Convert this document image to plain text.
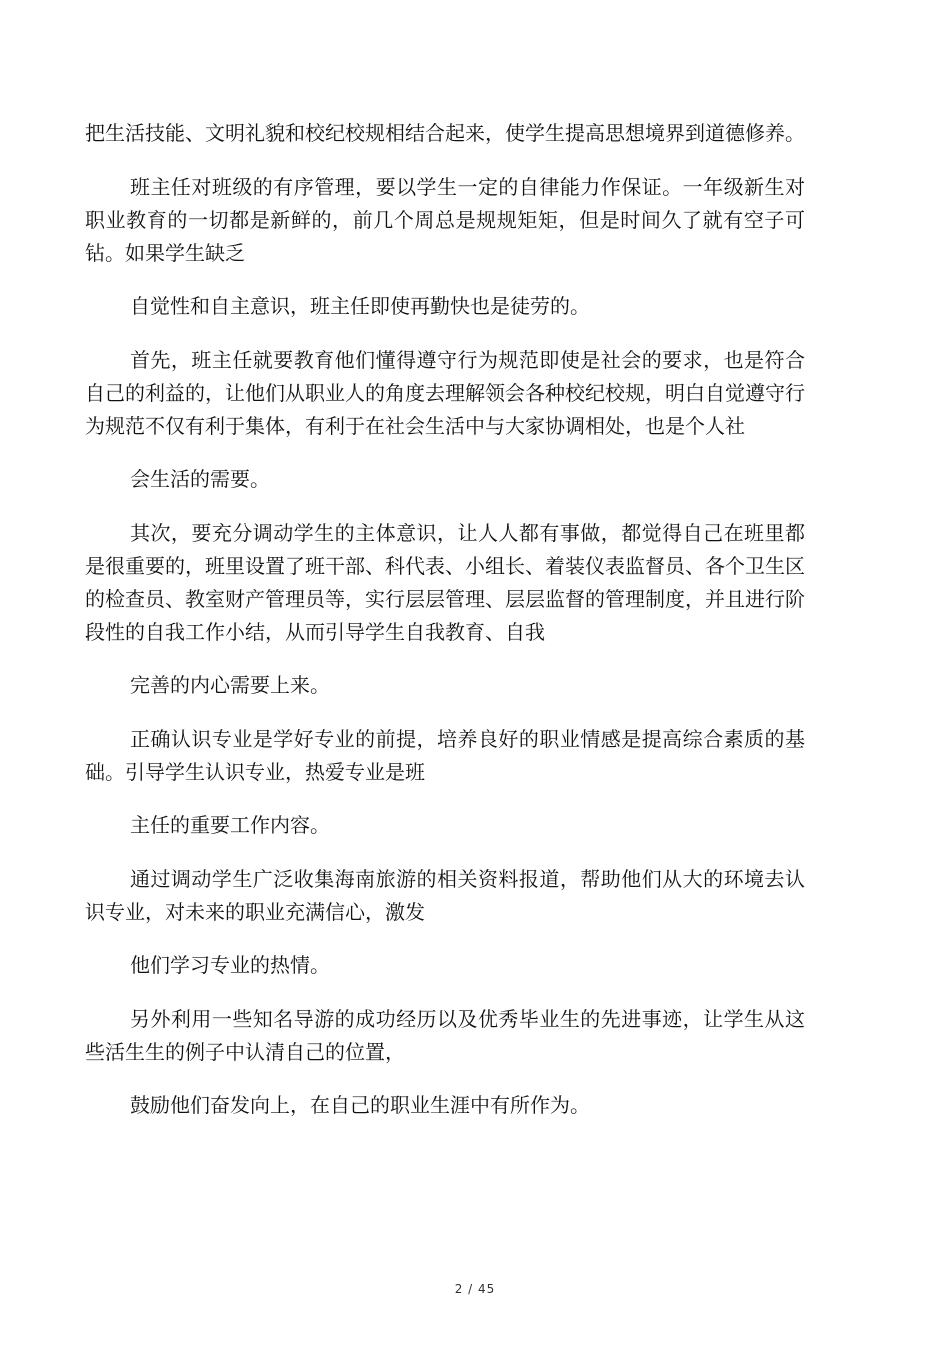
把生活技能、文明礼貌和校纪校规相结合起来，使学生提高思想境界到道德修养。

班主任对班级的有序管理，要以学生一定的自律能力作保证。一年级新生对职业教育的一切都是新鲜的，前几个周总是规规矩矩，但是时间久了就有空子可钻。如果学生缺乏

自觉性和自主意识，班主任即使再勤快也是徒劳的。

首先，班主任就要教育他们懂得遵守行为规范即使是社会的要求，也是符合自己的利益的，让他们从职业人的角度去理解领会各种校纪校规，明白自觉遵守行为规范不仅有利于集体，有利于在社会生活中与大家协调相处，也是个人社

会生活的需要。

其次，要充分调动学生的主体意识，让人人都有事做，都觉得自己在班里都是很重要的，班里设置了班干部、科代表、小组长、着装仪表监督员、各个卫生区的检查员、教室财产管理员等，实行层层管理、层层监督的管理制度，并且进行阶段性的自我工作小结，从而引导学生自我教育、自我

完善的内心需要上来。

正确认识专业是学好专业的前提，培养良好的职业情感是提高综合素质的基础。引导学生认识专业，热爱专业是班

主任的重要工作内容。

通过调动学生广泛收集海南旅游的相关资料报道，帮助他们从大的环境去认识专业，对未来的职业充满信心，激发

他们学习专业的热情。

另外利用一些知名导游的成功经历以及优秀毕业生的先进事迹，让学生从这些活生生的例子中认清自己的位置，

鼓励他们奋发向上，在自己的职业生涯中有所作为。

2 / 45
